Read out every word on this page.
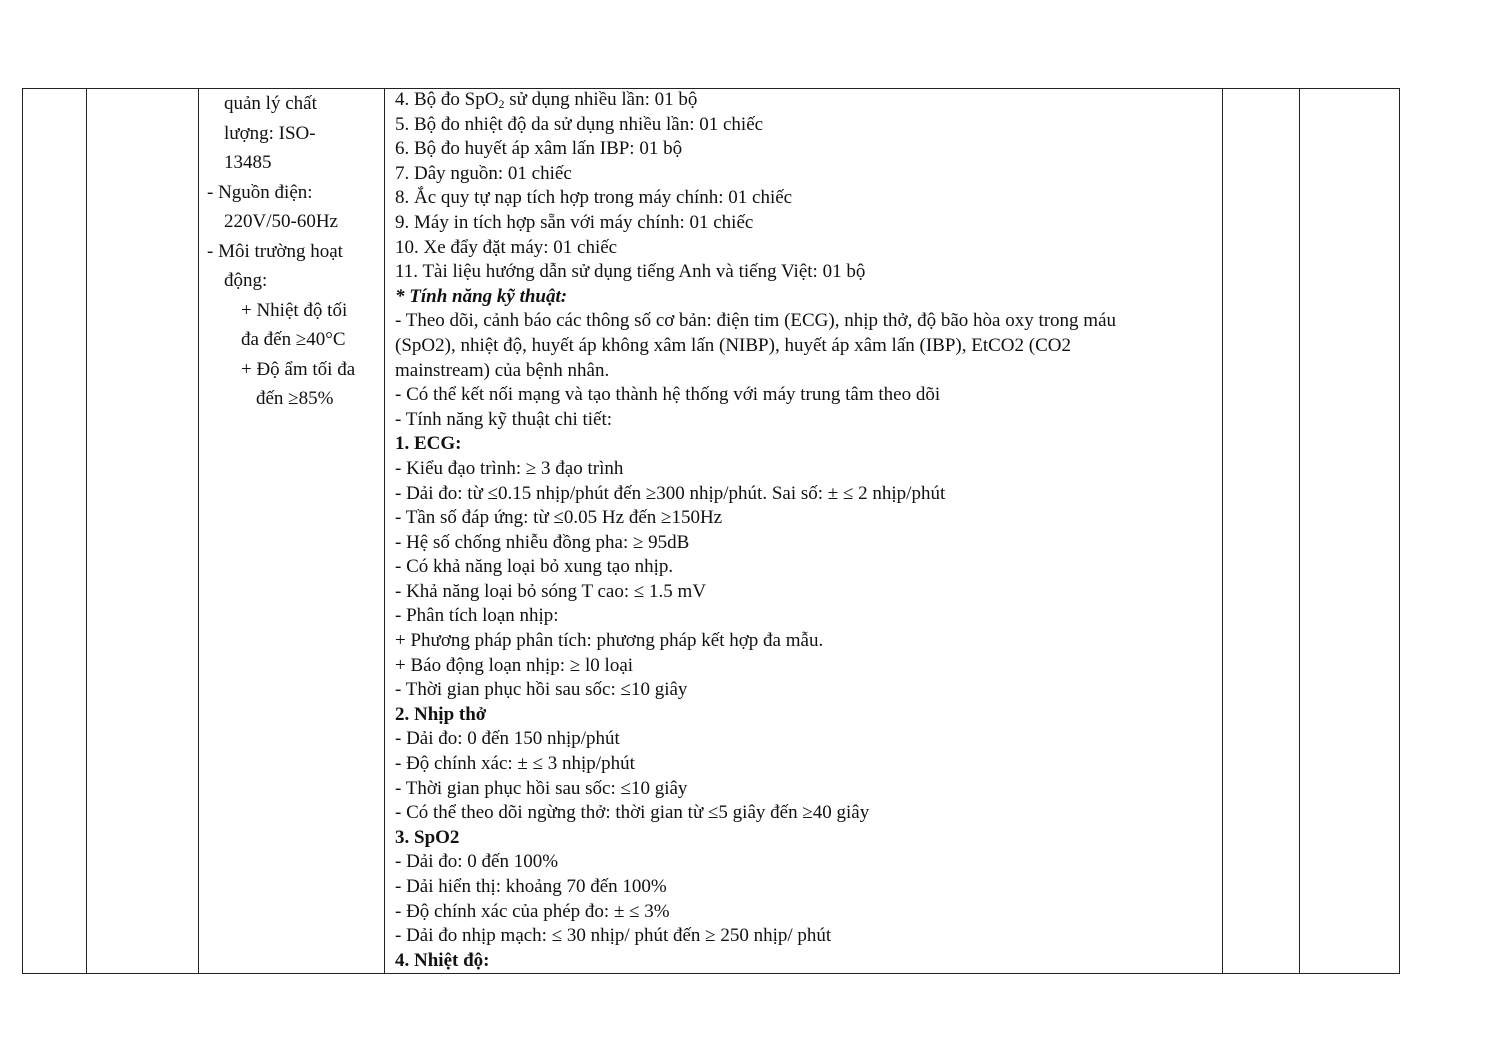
quản lý chất
lượng: ISO-
13485
- Nguồn điện:
220V/50-60Hz
- Môi trường hoạt
động:
+ Nhiệt độ tối
đa đến ≥40°C
+ Độ ẩm tối đa
đến ≥85%
4. Bộ đo SpO$_2$ sử dụng nhiều lần: 01 bộ
5. Bộ đo nhiệt độ da sử dụng nhiều lần: 01 chiếc
6. Bộ đo huyết áp xâm lấn IBP: 01 bộ
7. Dây nguồn: 01 chiếc
8. Ắc quy tự nạp tích hợp trong máy chính: 01 chiếc
9. Máy in tích hợp sẵn với máy chính: 01 chiếc
10. Xe đẩy đặt máy: 01 chiếc
11. Tài liệu hướng dẫn sử dụng tiếng Anh và tiếng Việt: 01 bộ
* Tính năng kỹ thuật:
- Theo dõi, cảnh báo các thông số cơ bản: điện tim (ECG), nhịp thở, độ bão hòa oxy trong máu
(SpO2), nhiệt độ, huyết áp không xâm lấn (NIBP), huyết áp xâm lấn (IBP), EtCO2 (CO2
mainstream) của bệnh nhân.
- Có thể kết nối mạng và tạo thành hệ thống với máy trung tâm theo dõi
- Tính năng kỹ thuật chi tiết:
1. ECG:
- Kiểu đạo trình: ≥ 3 đạo trình
- Dải đo: từ ≤0.15 nhịp/phút đến ≥300 nhịp/phút. Sai số: ± ≤ 2 nhịp/phút
- Tần số đáp ứng: từ ≤0.05 Hz đến ≥150Hz
- Hệ số chống nhiễu đồng pha: ≥ 95dB
- Có khả năng loại bỏ xung tạo nhịp.
- Khả năng loại bỏ sóng T cao: ≤ 1.5 mV
- Phân tích loạn nhịp:
+ Phương pháp phân tích: phương pháp kết hợp đa mẫu.
+ Báo động loạn nhịp: ≥ l0 loại
- Thời gian phục hồi sau sốc: ≤10 giây
2. Nhịp thở
- Dải đo: 0 đến 150 nhịp/phút
- Độ chính xác: ± ≤ 3 nhịp/phút
- Thời gian phục hồi sau sốc: ≤10 giây
- Có thể theo dõi ngừng thở: thời gian từ ≤5 giây đến ≥40 giây
3. SpO2
- Dải đo: 0 đến 100%
- Dải hiển thị: khoảng 70 đến 100%
- Độ chính xác của phép đo: ± ≤ 3%
- Dải đo nhịp mạch: ≤ 30 nhịp/ phút đến ≥ 250 nhịp/ phút
4. Nhiệt độ:
